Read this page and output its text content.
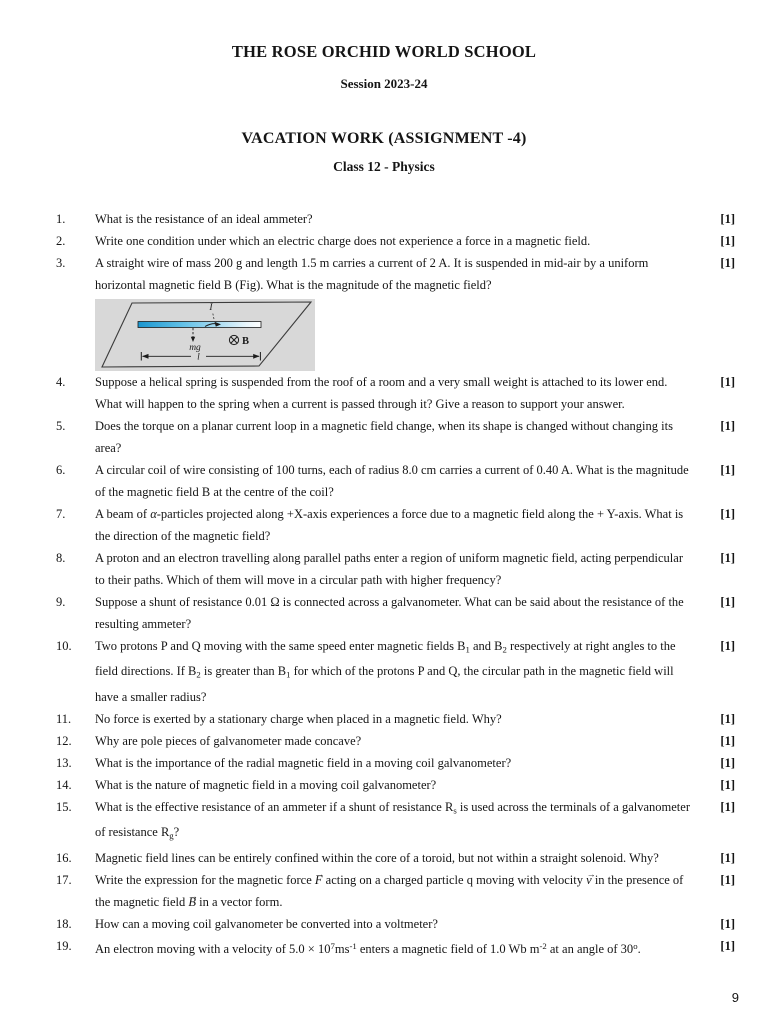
THE ROSE ORCHID WORLD SCHOOL
Session 2023-24
VACATION WORK (ASSIGNMENT -4)
Class 12 - Physics
1.	What is the resistance of an ideal ammeter?	[1]
2.	Write one condition under which an electric charge does not experience a force in a magnetic field.	[1]
3.	A straight wire of mass 200 g and length 1.5 m carries a current of 2 A. It is suspended in mid-air by a uniform horizontal magnetic field B (Fig). What is the magnitude of the magnetic field?
[1]
I
mg
B
l
4.	Suppose a helical spring is suspended from the roof of a room and a very small weight is attached to its lower end. What will happen to the spring when a current is passed through it? Give a reason to support your answer.
[1]
5.	Does the torque on a planar current loop in a magnetic field change, when its shape is changed without changing its area?
[1]
6.	A circular coil of wire consisting of 100 turns, each of radius 8.0 cm carries a current of 0.40 A. What is the magnitude of the magnetic field B at the centre of the coil?
[1]
7.	A beam of α-particles projected along +X-axis experiences a force due to a magnetic field along the + Y-axis. What is the direction of the magnetic field?
[1]
8.	A proton and an electron travelling along parallel paths enter a region of uniform magnetic field, acting perpendicular to their paths. Which of them will move in a circular path with higher frequency?
[1]
9.	Suppose a shunt of resistance 0.01 Ω is connected across a galvanometer. What can be said about the resistance of the resulting ammeter?
[1]
10.	Two protons P and Q moving with the same speed enter magnetic fields B1 and B2 respectively at right angles to the field directions. If B2 is greater than B1 for which of the protons P and Q, the circular path in the magnetic field will have a smaller radius?
[1]
11.	No force is exerted by a stationary charge when placed in a magnetic field. Why?	[1]
12.	Why are pole pieces of galvanometer made concave?	[1]
13.	What is the importance of the radial magnetic field in a moving coil galvanometer?	[1]
14.	What is the nature of magnetic field in a moving coil galvanometer?	[1]
15.	What is the effective resistance of an ammeter if a shunt of resistance Rs is used across the terminals of a galvanometer of resistance Rg?
[1]
16.	Magnetic field lines can be entirely confined within the core of a toroid, but not within a straight solenoid. Why?	[1]
17.	Write the expression for the magnetic force F → acting on a charged particle q moving with velocity v → in the presence of the magnetic field B → in a vector form.
[1]
18.	How can a moving coil galvanometer be converted into a voltmeter?	[1]
19.	An electron moving with a velocity of $5.0 \times 10^7ms^{-1}$ enters a magnetic field of 1.0 Wb $m^{-2}$ at an angle of 30$^o$.	[1]
9
